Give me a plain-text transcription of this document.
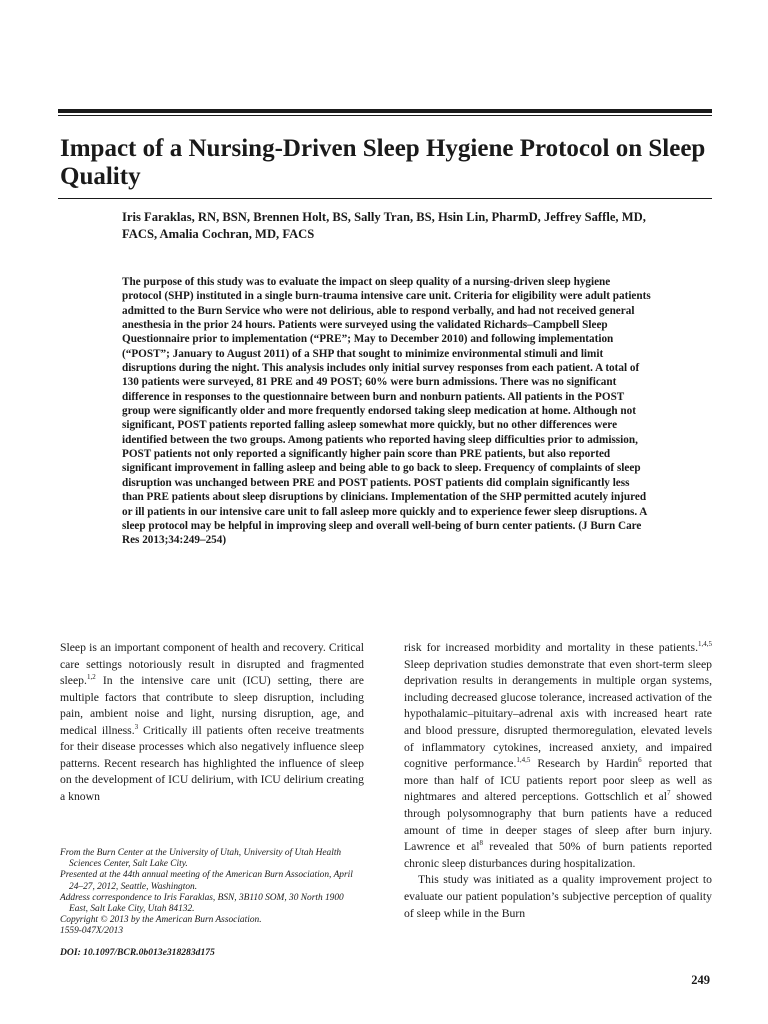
Impact of a Nursing-Driven Sleep Hygiene Protocol on Sleep Quality

Iris Faraklas, RN, BSN, Brennen Holt, BS, Sally Tran, BS, Hsin Lin, PharmD, Jeffrey Saffle, MD, FACS, Amalia Cochran, MD, FACS

The purpose of this study was to evaluate the impact on sleep quality of a nursing-driven sleep hygiene protocol (SHP) instituted in a single burn-trauma intensive care unit. Criteria for eligibility were adult patients admitted to the Burn Service who were not delirious, able to respond verbally, and had not received general anesthesia in the prior 24 hours. Patients were surveyed using the validated Richards–Campbell Sleep Questionnaire prior to implementation (“PRE”; May to December 2010) and following implementation (“POST”; January to August 2011) of a SHP that sought to minimize environmental stimuli and limit disruptions during the night. This analysis includes only initial survey responses from each patient. A total of 130 patients were surveyed, 81 PRE and 49 POST; 60% were burn admissions. There was no significant difference in responses to the questionnaire between burn and nonburn patients. All patients in the POST group were significantly older and more frequently endorsed taking sleep medication at home. Although not significant, POST patients reported falling asleep somewhat more quickly, but no other differences were identified between the two groups. Among patients who reported having sleep difficulties prior to admission, POST patients not only reported a significantly higher pain score than PRE patients, but also reported significant improvement in falling asleep and being able to go back to sleep. Frequency of complaints of sleep disruption was unchanged between PRE and POST patients. POST patients did complain significantly less than PRE patients about sleep disruptions by clinicians. Implementation of the SHP permitted acutely injured or ill patients in our intensive care unit to fall asleep more quickly and to experience fewer sleep disruptions. A sleep protocol may be helpful in improving sleep and overall well-being of burn center patients. (J Burn Care Res 2013;34:249–254)

Sleep is an important component of health and recovery. Critical care settings notoriously result in disrupted and fragmented sleep.$^{1,2}$ In the intensive care unit (ICU) setting, there are multiple factors that contribute to sleep disruption, including pain, ambient noise and light, nursing disruption, age, and medical illness.$^3$ Critically ill patients often receive treatments for their disease processes which also negatively influence sleep patterns. Recent research has highlighted the influence of sleep on the development of ICU delirium, with ICU delirium creating a known

risk for increased morbidity and mortality in these patients.$^{1,4,5}$ Sleep deprivation studies demonstrate that even short-term sleep deprivation results in derangements in multiple organ systems, including decreased glucose tolerance, increased activation of the hypothalamic–pituitary–adrenal axis with increased heart rate and blood pressure, disrupted thermoregulation, elevated levels of inflammatory cytokines, increased anxiety, and impaired cognitive performance.$^{1,4,5}$ Research by Hardin$^6$ reported that more than half of ICU patients report poor sleep as well as nightmares and altered perceptions. Gottschlich et $al^7$ showed through polysomnography that burn patients have a reduced amount of time in deeper stages of sleep after burn injury. Lawrence et $al^8$ revealed that 50% of burn patients reported chronic sleep disturbances during hospitalization.

This study was initiated as a quality improvement project to evaluate our patient population’s subjective perception of quality of sleep while in the Burn

From the Burn Center at the University of Utah, University of Utah Health Sciences Center, Salt Lake City.

Presented at the 44th annual meeting of the American Burn Association, April 24–27, 2012, Seattle, Washington.

Address correspondence to Iris Faraklas, BSN, 3B110 SOM, 30 North 1900 East, Salt Lake City, Utah 84132.

Copyright © 2013 by the American Burn Association.

1559-047X/2013

DOI: 10.1097/BCR.0b013e318283d175

249
